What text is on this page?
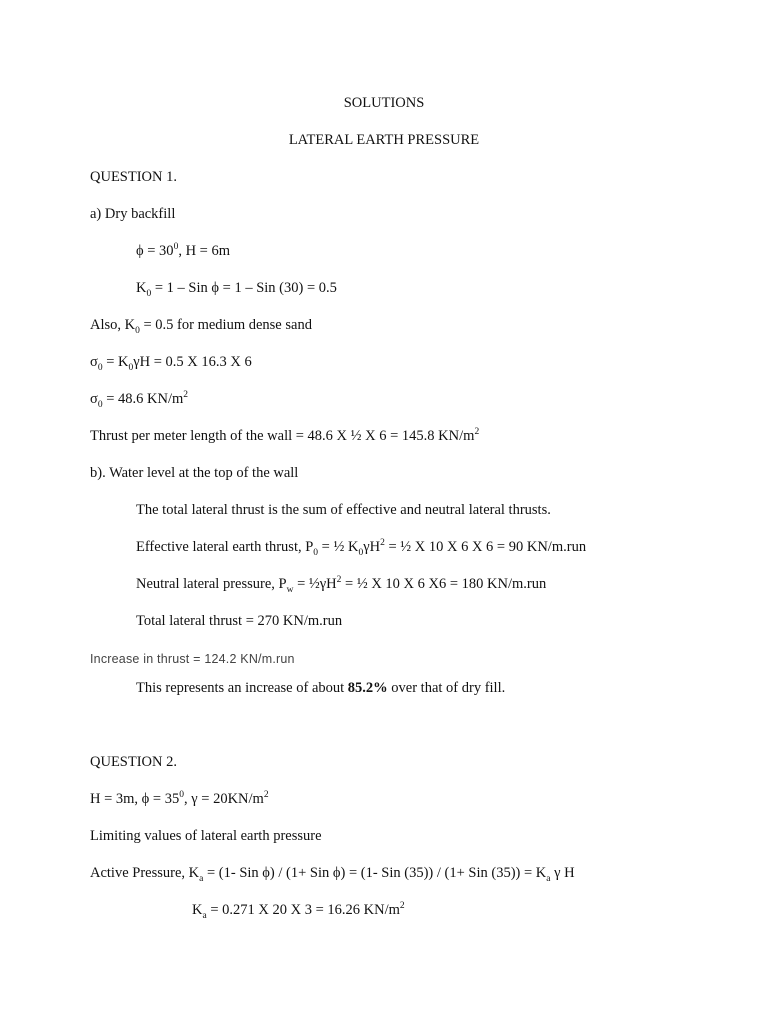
SOLUTIONS
LATERAL EARTH PRESSURE
QUESTION 1.
a) Dry backfill
$\phi = 30^0$, H = 6m
$K_0 = 1$ – Sin ϕ = 1 – Sin (30) = 0.5
Also, $K_0 = 0.5$ for medium dense sand
$\sigma_0 = K_0\gamma H = 0.5$ X 16.3 X 6
$\sigma_0 = 48.6$ $KN/m^2$
Thrust per meter length of the wall = 48.6 X ½ X 6 = 145.8 $KN/m^2$
b). Water level at the top of the wall
The total lateral thrust is the sum of effective and neutral lateral thrusts.
Effective lateral earth thrust, $P_0$ = ½ $K_0\gamma H^2$ = ½ X 10 X 6 X 6 = 90 KN/m.run
Neutral lateral pressure, $P_w$ = $\frac{1}{2}\gamma H^2$ = ½ X 10 X 6 X6 = 180 KN/m.run
Total lateral thrust = 270 KN/m.run
Increase in thrust = 124.2 KN/m.run
This represents an increase of about 85.2% over that of dry fill.
QUESTION 2.
H = 3m, $\phi = 35^0$, $\gamma = 20KN/m^2$
Limiting values of lateral earth pressure
Active Pressure, $K_a = (1-$ Sin ϕ) / (1+ Sin ϕ) = (1- Sin (35)) / (1+ Sin $(35)) = K_a$ γ H
$K_a = 0.271$ X 20 X 3 = 16.26 $KN/m^2$
